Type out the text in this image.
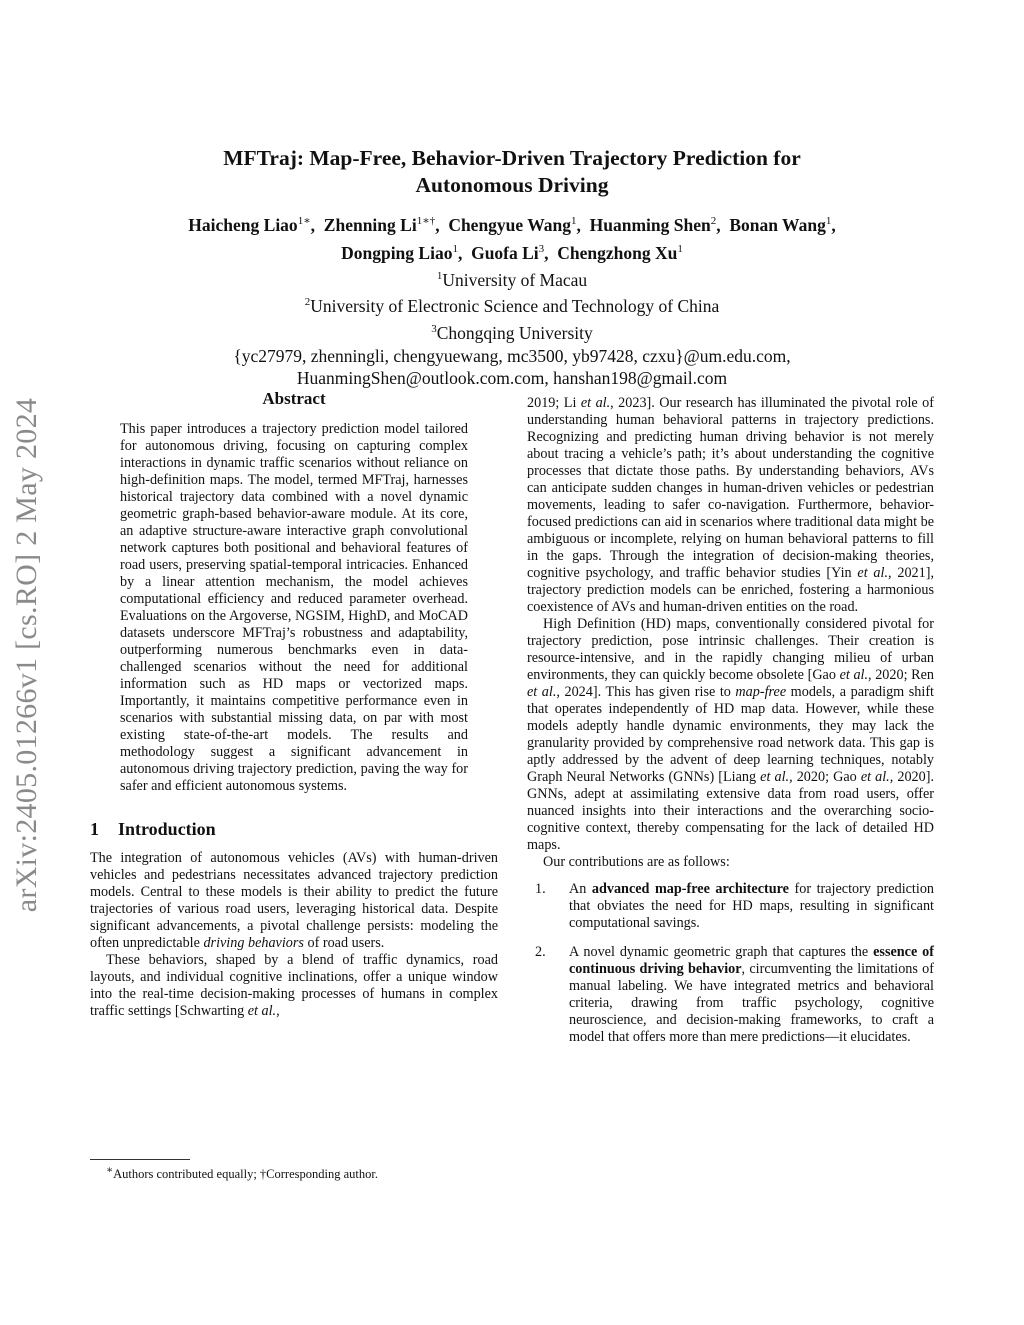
arXiv:2405.01266v1 [cs.RO] 2 May 2024
MFTraj: Map-Free, Behavior-Driven Trajectory Prediction for
Autonomous Driving
Haicheng Liao$^{1∗}$,  Zhenning $Li^{1∗\dagger}$,  Chengyue Wang$^1$,  Huanming Shen$^2$,  Bonan Wang$^1$,
Dongping Liao$^1$,  Guofa Li$^3$,  Chengzhong Xu$^1$
$^1$University of Macau
$^2$University of Electronic Science and Technology of China
$^3$Chongqing University
{yc27979, zhenningli, chengyuewang, mc3500, yb97428, czxu}@um.edu.com,
HuanmingShen@outlook.com.com, hanshan198@gmail.com
Abstract

This paper introduces a trajectory prediction model tailored for autonomous driving, focusing on capturing complex interactions in dynamic traffic scenarios without reliance on high-definition maps. The model, termed MFTraj, harnesses historical trajectory data combined with a novel dynamic geometric graph-based behavior-aware module. At its core, an adaptive structure-aware interactive graph convolutional network captures both positional and behavioral features of road users, preserving spatial-temporal intricacies. Enhanced by a linear attention mechanism, the model achieves computational efficiency and reduced parameter overhead. Evaluations on the Argoverse, NGSIM, HighD, and MoCAD datasets underscore MFTraj’s robustness and adaptability, outperforming numerous benchmarks even in data-challenged scenarios without the need for additional information such as HD maps or vectorized maps. Importantly, it maintains competitive performance even in scenarios with substantial missing data, on par with most existing state-of-the-art models. The results and methodology suggest a significant advancement in autonomous driving trajectory prediction, paving the way for safer and efficient autonomous systems.

1 Introduction

The integration of autonomous vehicles (AVs) with human-driven vehicles and pedestrians necessitates advanced trajectory prediction models. Central to these models is their ability to predict the future trajectories of various road users, leveraging historical data. Despite significant advancements, a pivotal challenge persists: modeling the often unpredictable driving behaviors of road users.

These behaviors, shaped by a blend of traffic dynamics, road layouts, and individual cognitive inclinations, offer a unique window into the real-time decision-making processes of humans in complex traffic settings [Schwarting et al.,

2019; Li et al., 2023]. Our research has illuminated the pivotal role of understanding human behavioral patterns in trajectory predictions. Recognizing and predicting human driving behavior is not merely about tracing a vehicle’s path; it’s about understanding the cognitive processes that dictate those paths. By understanding behaviors, AVs can anticipate sudden changes in human-driven vehicles or pedestrian movements, leading to safer co-navigation. Furthermore, behavior-focused predictions can aid in scenarios where traditional data might be ambiguous or incomplete, relying on human behavioral patterns to fill in the gaps. Through the integration of decision-making theories, cognitive psychology, and traffic behavior studies [Yin et al., 2021], trajectory prediction models can be enriched, fostering a harmonious coexistence of AVs and human-driven entities on the road.

High Definition (HD) maps, conventionally considered pivotal for trajectory prediction, pose intrinsic challenges. Their creation is resource-intensive, and in the rapidly changing milieu of urban environments, they can quickly become obsolete [Gao et al., 2020; Ren et al., 2024]. This has given rise to map-free models, a paradigm shift that operates independently of HD map data. However, while these models adeptly handle dynamic environments, they may lack the granularity provided by comprehensive road network data. This gap is aptly addressed by the advent of deep learning techniques, notably Graph Neural Networks (GNNs) [Liang et al., 2020; Gao et al., 2020]. GNNs, adept at assimilating extensive data from road users, offer nuanced insights into their interactions and the overarching socio-cognitive context, thereby compensating for the lack of detailed HD maps.

Our contributions are as follows:

1.	An advanced map-free architecture for trajectory prediction that obviates the need for HD maps, resulting in significant computational savings.
2.	A novel dynamic geometric graph that captures the essence of continuous driving behavior, circumventing the limitations of manual labeling. We have integrated metrics and behavioral criteria, drawing from traffic psychology, cognitive neuroscience, and decision-making frameworks, to craft a model that offers more than mere predictions—it elucidates.
∗Authors contributed equally; †Corresponding author.
